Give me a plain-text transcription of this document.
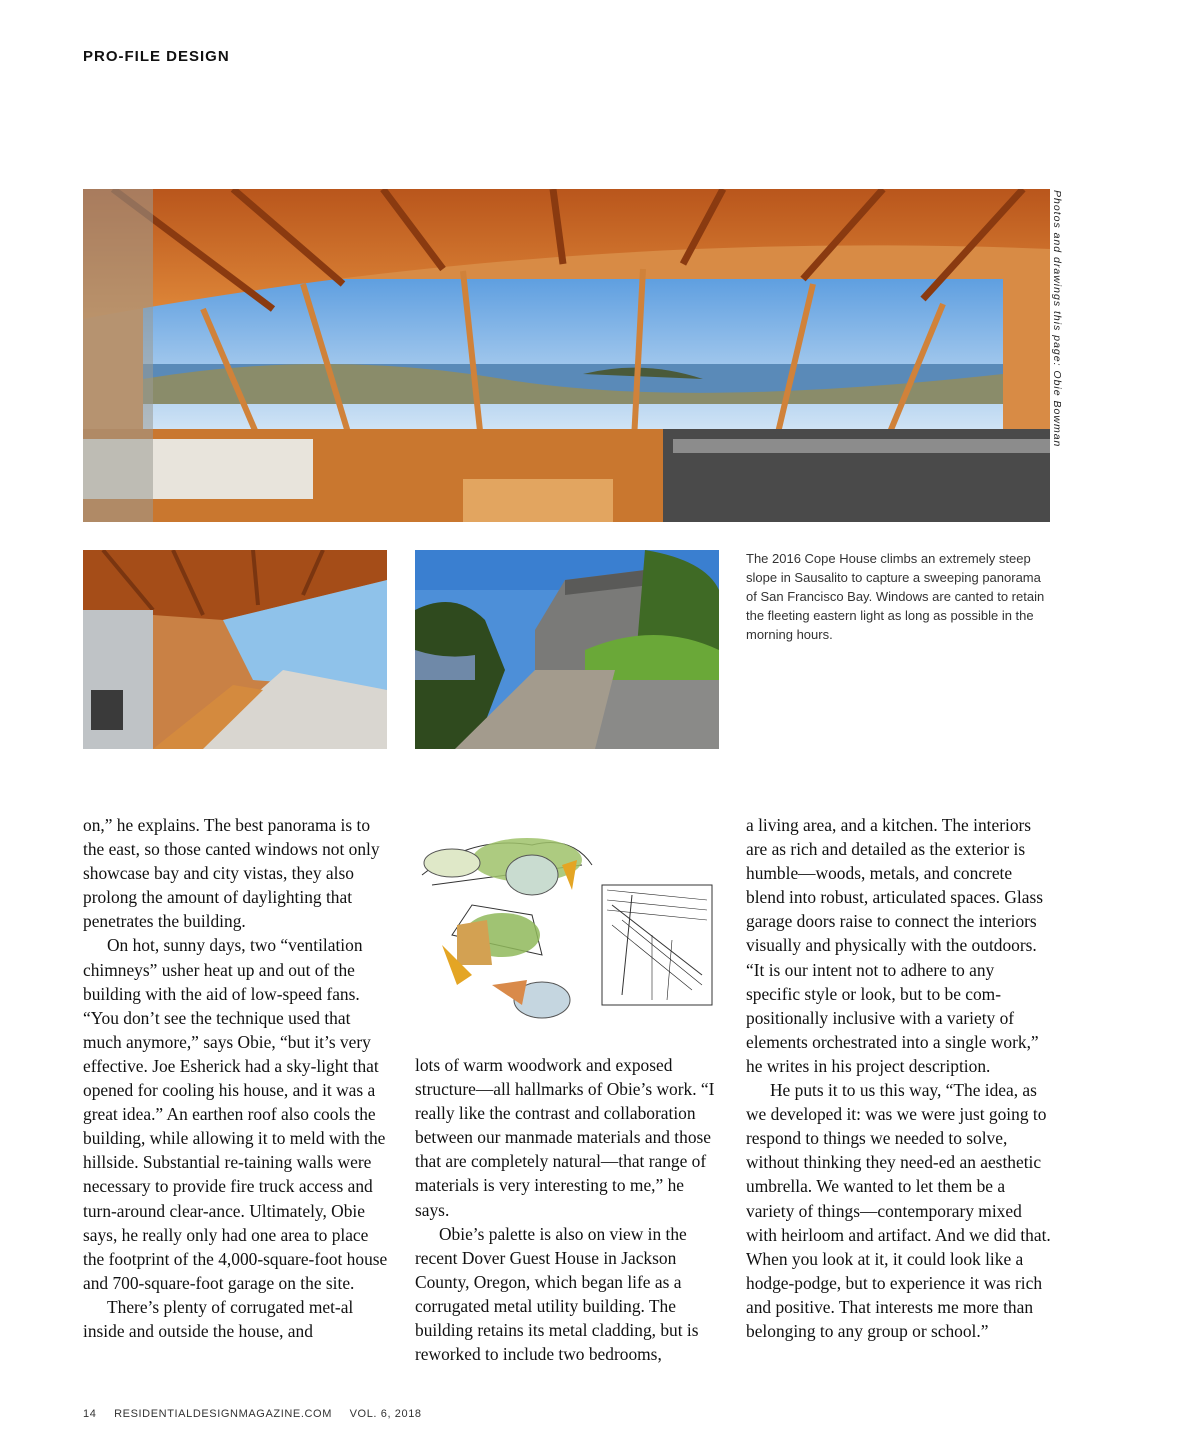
PRO-FILE DESIGN
Photos and drawings this page: Obie Bowman
The 2016 Cope House climbs an extremely steep slope in Sausalito to capture a sweeping panorama of San Francisco Bay. Windows are canted to retain the fleeting eastern light as long as possible in the morning hours.

on,” he explains. The best panorama is to the east, so those canted windows not only showcase bay and city vistas, they also prolong the amount of daylighting that penetrates the building.

On hot, sunny days, two “ventilation chimneys” usher heat up and out of the building with the aid of low-speed fans. “You don’t see the technique used that much anymore,” says Obie, “but it’s very effective. Joe Esherick had a sky-light that opened for cooling his house, and it was a great idea.” An earthen roof also cools the building, while allowing it to meld with the hillside. Substantial re-taining walls were necessary to provide fire truck access and turn-around clear-ance. Ultimately, Obie says, he really only had one area to place the footprint of the 4,000-square-foot house and 700-square-foot garage on the site.

There’s plenty of corrugated met-al inside and outside the house, and

lots of warm woodwork and exposed structure—all hallmarks of Obie’s work. “I really like the contrast and collaboration between our manmade materials and those that are completely natural—that range of materials is very interesting to me,” he says.

Obie’s palette is also on view in the recent Dover Guest House in Jackson County, Oregon, which began life as a corrugated metal utility building. The building retains its metal cladding, but is reworked to include two bedrooms,

a living area, and a kitchen. The interiors are as rich and detailed as the exterior is humble—woods, metals, and concrete blend into robust, articulated spaces. Glass garage doors raise to connect the interiors visually and physically with the outdoors. “It is our intent not to adhere to any specific style or look, but to be com-positionally inclusive with a variety of elements orchestrated into a single work,” he writes in his project description.

He puts it to us this way, “The idea, as we developed it: was we were just going to respond to things we needed to solve, without thinking they need-ed an aesthetic umbrella. We wanted to let them be a variety of things—contemporary mixed with heirloom and artifact. And we did that. When you look at it, it could look like a hodge-podge, but to experience it was rich and positive. That interests me more than belonging to any group or school.”

14 RESIDENTIALDESIGNMAGAZINE.COM VOL. 6, 2018
